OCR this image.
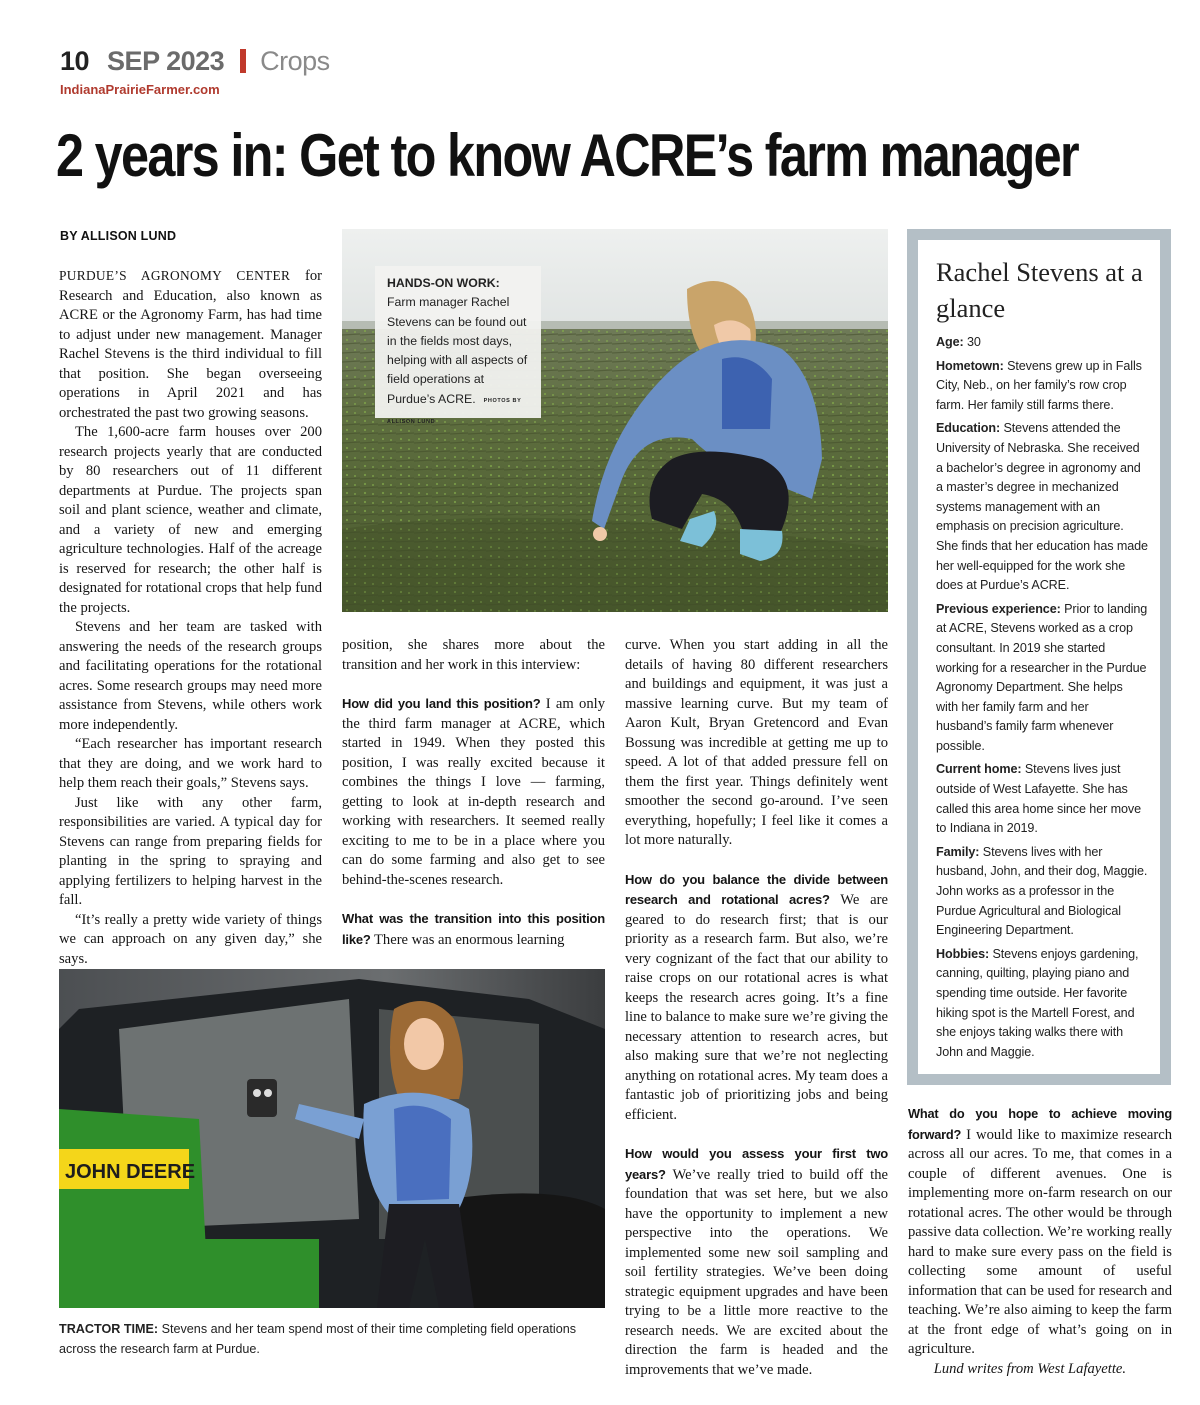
10 SEP 2023 Crops
IndianaPrairieFarmer.com
2 years in: Get to know ACRE’s farm manager
BY ALLISON LUND

PURDUE’S AGRONOMY CENTER for Research and Education, also known as ACRE or the Agronomy Farm, has had time to adjust under new management. Manager Rachel Stevens is the third individual to fill that position. She began overseeing operations in April 2021 and has orchestrated the past two growing seasons.

The 1,600-acre farm houses over 200 research projects yearly that are conducted by 80 researchers out of 11 different departments at Purdue. The projects span soil and plant science, weather and climate, and a variety of new and emerging agriculture technologies. Half of the acreage is reserved for research; the other half is designated for rotational crops that help fund the projects.

Stevens and her team are tasked with answering the needs of the research groups and facilitating operations for the rotational acres. Some research groups may need more assistance from Stevens, while others work more independently.

“Each researcher has important research that they are doing, and we work hard to help them reach their goals,” Stevens says.

Just like with any other farm, responsibilities are varied. A typical day for Stevens can range from preparing fields for planting in the spring to spraying and applying fertilizers to helping harvest in the fall.

“It’s really a pretty wide variety of things we can approach on any given day,” she says.

HANDS-ON WORK: Farm manager Rachel Stevens can be found out in the fields most days, helping with all aspects of field operations at Purdue’s ACRE. PHOTOS BY ALLISON LUND

position, she shares more about the transition and her work in this interview:

How did you land this position? I am only the third farm manager at ACRE, which started in 1949. When they posted this position, I was really excited because it combines the things I love — farming, getting to look at in-depth research and working with researchers. It seemed really exciting to me to be in a place where you can do some farming and also get to see behind-the-scenes research.

What was the transition into this position like? There was an enormous learning

curve. When you start adding in all the details of having 80 different researchers and buildings and equipment, it was just a massive learning curve. But my team of Aaron Kult, Bryan Gretencord and Evan Bossung was incredible at getting me up to speed. A lot of that added pressure fell on them the first year. Things definitely went smoother the second go-around. I’ve seen everything, hopefully; I feel like it comes a lot more naturally.

How do you balance the divide between research and rotational acres? We are geared to do research first; that is our priority as a research farm. But also, we’re very cognizant of the fact that our ability to raise crops on our rotational acres is what keeps the research acres going. It’s a fine line to balance to make sure we’re giving the necessary attention to research acres, but also making sure that we’re not neglecting anything on rotational acres. My team does a fantastic job of prioritizing jobs and being efficient.

How would you assess your first two years? We’ve really tried to build off the foundation that was set here, but we also have the opportunity to implement a new perspective into the operations. We implemented some new soil sampling and soil fertility strategies. We’ve been doing strategic equipment upgrades and have been trying to be a little more reactive to the research needs. We are excited about the direction the farm is headed and the improvements that we’ve made.

JOHN DEERE
TRACTOR TIME: Stevens and her team spend most of their time completing field operations across the research farm at Purdue.
Rachel Stevens at a glance
Age: 30
Hometown: Stevens grew up in Falls City, Neb., on her family’s row crop farm. Her family still farms there.
Education: Stevens attended the University of Nebraska. She received a bachelor’s degree in agronomy and a master’s degree in mechanized systems management with an emphasis on precision agriculture. She finds that her education has made her well-equipped for the work she does at Purdue’s ACRE.
Previous experience: Prior to landing at ACRE, Stevens worked as a crop consultant. In 2019 she started working for a researcher in the Purdue Agronomy Department. She helps with her family farm and her husband’s family farm whenever possible.
Current home: Stevens lives just outside of West Lafayette. She has called this area home since her move to Indiana in 2019.
Family: Stevens lives with her husband, John, and their dog, Maggie. John works as a professor in the Purdue Agricultural and Biological Engineering Department.
Hobbies: Stevens enjoys gardening, canning, quilting, playing piano and spending time outside. Her favorite hiking spot is the Martell Forest, and she enjoys taking walks there with John and Maggie.

What do you hope to achieve moving forward? I would like to maximize research across all our acres. To me, that comes in a couple of different avenues. One is implementing more on-farm research on our rotational acres. The other would be through passive data collection. We’re working really hard to make sure every pass on the field is collecting some amount of useful information that can be used for research and teaching. We’re also aiming to keep the farm at the front edge of what’s going on in agriculture.

Lund writes from West Lafayette.
